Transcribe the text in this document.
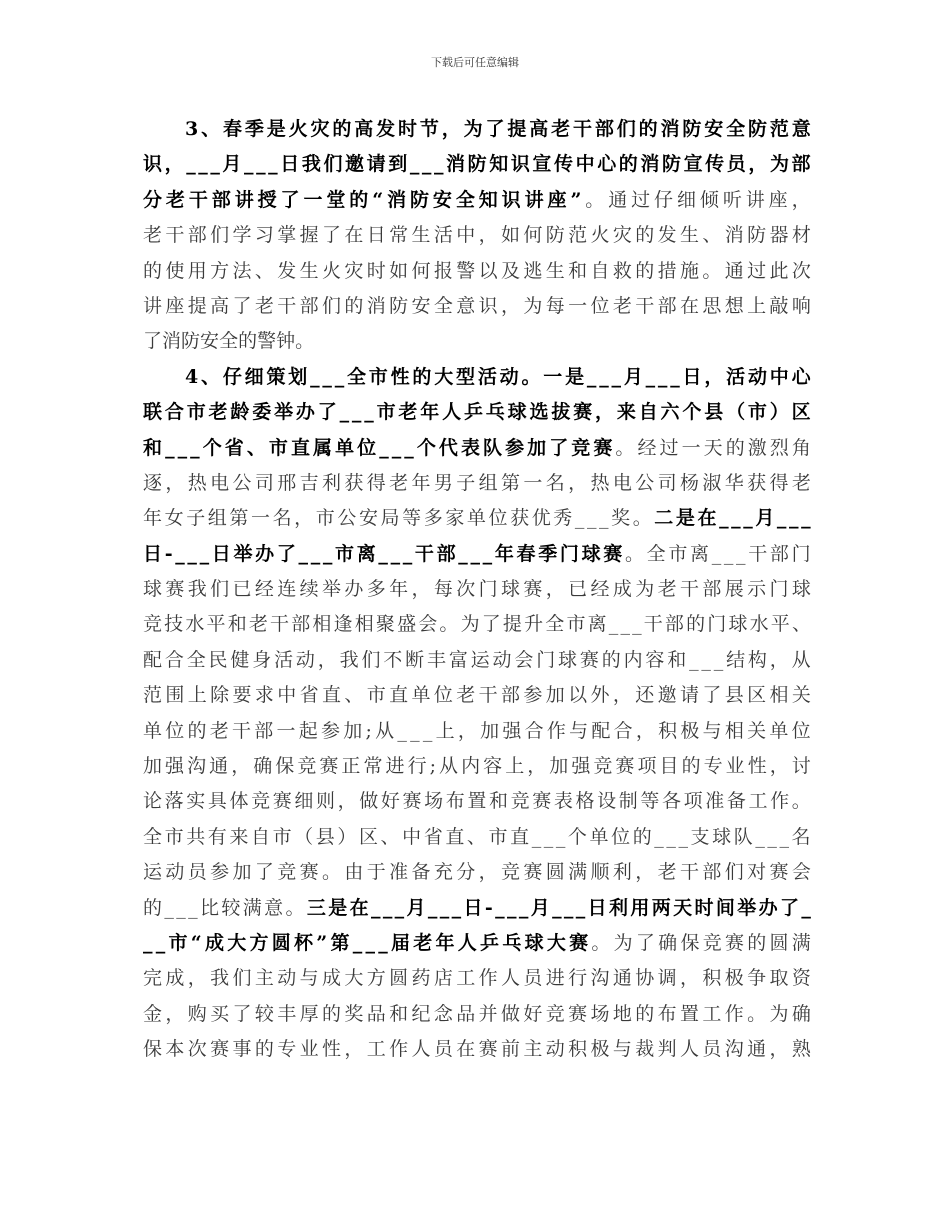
下载后可任意编辑
3 、 春 季 是 火 灾 的 高 发 时 节 ， 为 了 提 高 老 干 部 们 的 消 防 安 全 防 范 意
识 ， _ _ _ 月 _ _ _ 日 我 们 邀 请 到 _ _ _ 消 防 知 识 宣 传 中 心 的 消 防 宣 传 员 ， 为 部
分 老 干 部 讲 授 了 一 堂 的 “ 消 防 安 全 知 识 讲 座 ” 。 通 过 仔 细 倾 听 讲 座 ，
老 干 部 们 学 习 掌 握 了 在 日 常 生 活 中 ， 如 何 防 范 火 灾 的 发 生 、 消 防 器 材
的 使 用 方 法 、 发 生 火 灾 时 如 何 报 警 以 及 逃 生 和 自 救 的 措 施 。 通 过 此 次
讲 座 提 高 了 老 干 部 们 的 消 防 安 全 意 识 ， 为 每 一 位 老 干 部 在 思 想 上 敲 响
了 消 防 安 全 的 警 钟 。
4 、 仔 细 策 划 _ _ _ 全 市 性 的 大 型 活 动 。 一 是 _ _ _ 月 _ _ _ 日 ， 活 动 中 心
联 合 市 老 龄 委 举 办 了 _ _ _ 市 老 年 人 乒 乓 球 选 拔 赛 ， 来 自 六 个 县 （ 市 ） 区
和 _ _ _ 个 省 、 市 直 属 单 位 _ _ _ 个 代 表 队 参 加 了 竞 赛 。 经 过 一 天 的 激 烈 角
逐 ， 热 电 公 司 邢 吉 利 获 得 老 年 男 子 组 第 一 名 ， 热 电 公 司 杨 淑 华 获 得 老
年 女 子 组 第 一 名 ， 市 公 安 局 等 多 家 单 位 获 优 秀 _ _ _ 奖 。 二 是 在 _ _ _ 月 _ _ _
日 - _ _ _ 日 举 办 了 _ _ _ 市 离 _ _ _ 干 部 _ _ _ 年 春 季 门 球 赛 。 全 市 离 _ _ _ 干 部 门
球 赛 我 们 已 经 连 续 举 办 多 年 ， 每 次 门 球 赛 ， 已 经 成 为 老 干 部 展 示 门 球
竞 技 水 平 和 老 干 部 相 逢 相 聚 盛 会 。 为 了 提 升 全 市 离 _ _ _ 干 部 的 门 球 水 平 、
配 合 全 民 健 身 活 动 ， 我 们 不 断 丰 富 运 动 会 门 球 赛 的 内 容 和 _ _ _ 结 构 ， 从
范 围 上 除 要 求 中 省 直 、 市 直 单 位 老 干 部 参 加 以 外 ， 还 邀 请 了 县 区 相 关
单 位 的 老 干 部 一 起 参 加 ; 从 _ _ _ 上 ， 加 强 合 作 与 配 合 ， 积 极 与 相 关 单 位
加 强 沟 通 ， 确 保 竞 赛 正 常 进 行 ; 从 内 容 上 ， 加 强 竞 赛 项 目 的 专 业 性 ， 讨
论 落 实 具 体 竞 赛 细 则 ， 做 好 赛 场 布 置 和 竞 赛 表 格 设 制 等 各 项 准 备 工 作 。
全 市 共 有 来 自 市 （ 县 ） 区 、 中 省 直 、 市 直 _ _ _ 个 单 位 的 _ _ _ 支 球 队 _ _ _ 名
运 动 员 参 加 了 竞 赛 。 由 于 准 备 充 分 ， 竞 赛 圆 满 顺 利 ， 老 干 部 们 对 赛 会
的 _ _ _ 比 较 满 意 。 三 是 在 _ _ _ 月 _ _ _ 日 - _ _ _ 月 _ _ _ 日 利 用 两 天 时 间 举 办 了 _
_ _ 市 “ 成 大 方 圆 杯 ” 第 _ _ _ 届 老 年 人 乒 乓 球 大 赛 。 为 了 确 保 竞 赛 的 圆 满
完 成 ， 我 们 主 动 与 成 大 方 圆 药 店 工 作 人 员 进 行 沟 通 协 调 ， 积 极 争 取 资
金 ， 购 买 了 较 丰 厚 的 奖 品 和 纪 念 品 并 做 好 竞 赛 场 地 的 布 置 工 作 。 为 确
保 本 次 赛 事 的 专 业 性 ， 工 作 人 员 在 赛 前 主 动 积 极 与 裁 判 人 员 沟 通 ， 熟
